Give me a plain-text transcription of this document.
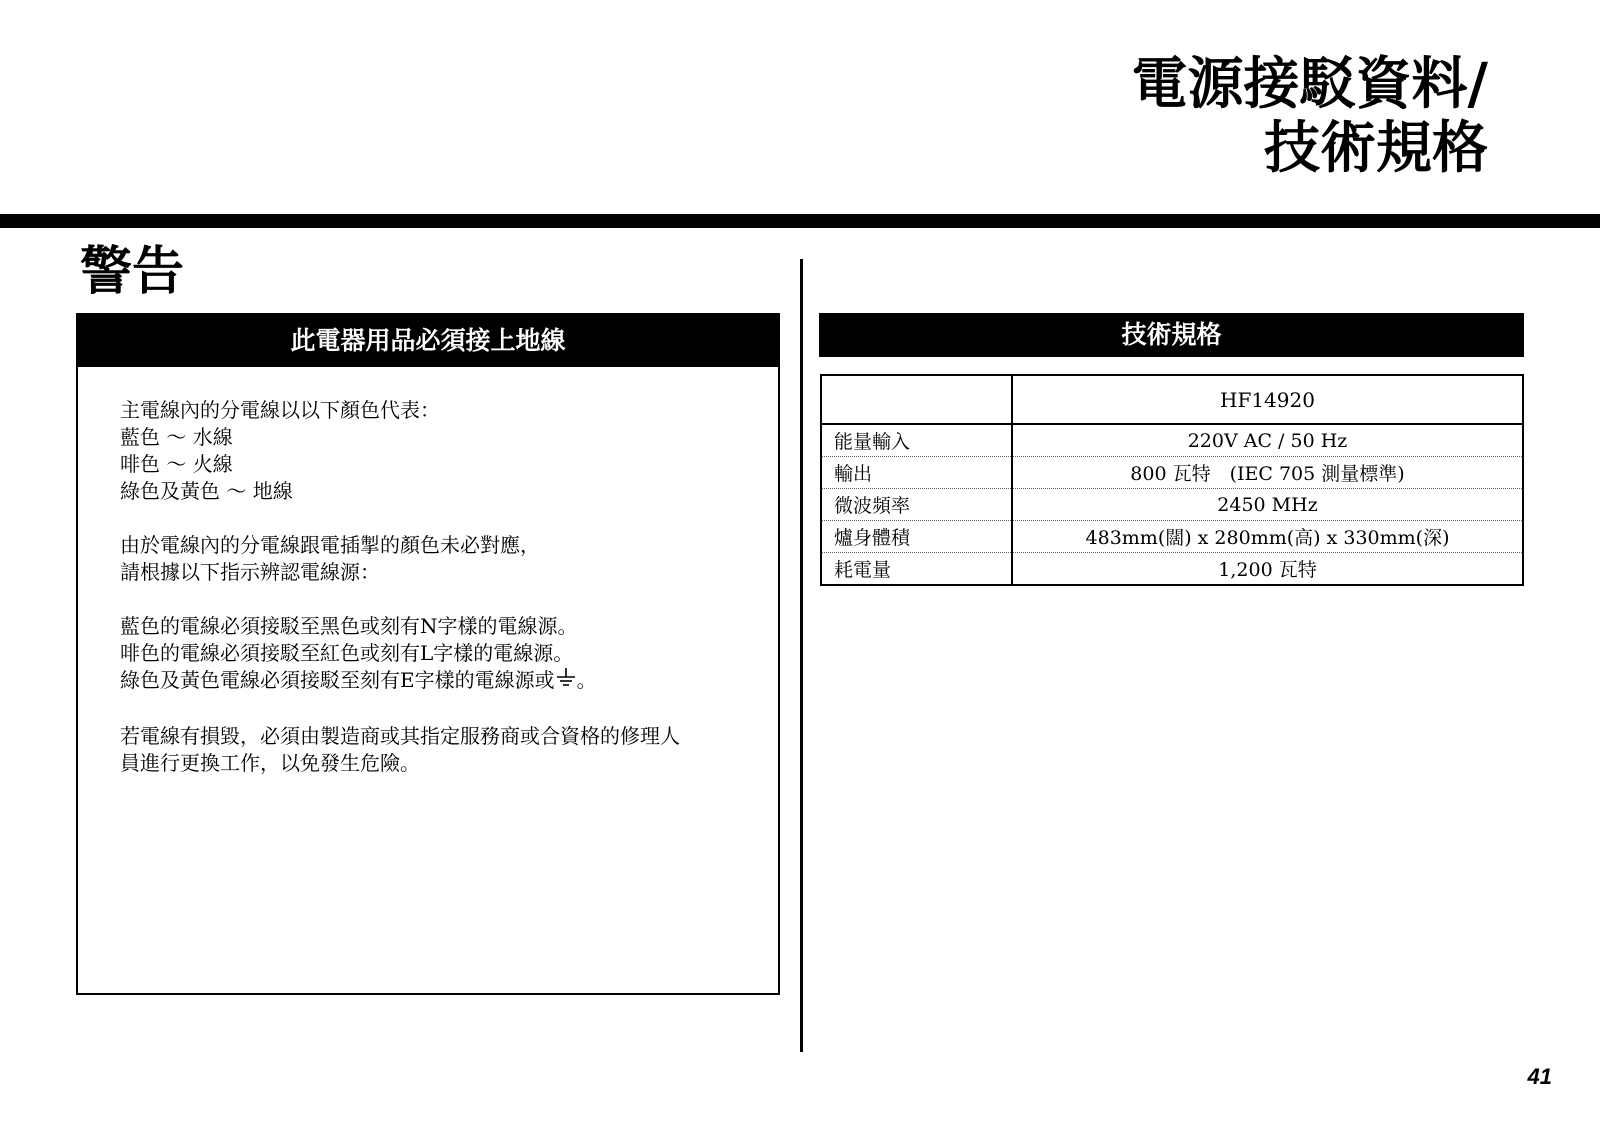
電源接駁資料/
技術規格
警告
此電器用品必須接上地線

主電線內的分電線以以下顏色代表：
藍色 ～ 水線
啡色 ～ 火線
綠色及黃色 ～ 地線

由於電線內的分電線跟電插掣的顏色未必對應，
請根據以下指示辨認電線源：

藍色的電線必須接駁至黑色或刻有N字樣的電線源。
啡色的電線必須接駁至紅色或刻有L字樣的電線源。
綠色及黃色電線必須接駁至刻有E字樣的電線源或 。

若電線有損毀，必須由製造商或其指定服務商或合資格的修理人
員進行更換工作，以免發生危險。

技術規格
	HF14920
能量輸入	220V AC / 50 Hz
輸出	800 瓦特　(IEC 705 測量標準)
微波頻率	2450 MHz
爐身體積	483mm(闊) x 280mm(高) x 330mm(深)
耗電量	1,200 瓦特
41
